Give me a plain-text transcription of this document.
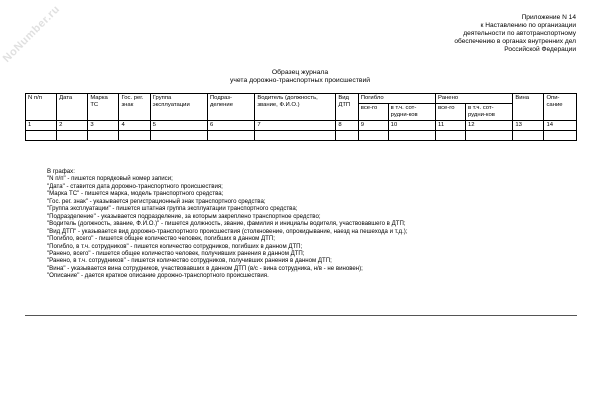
NoNumber.ru	Приложение N 14
к Наставлению по организации
деятельности по автотранспортному
обеспечению в органах внутренних дел
Российской Федерации
Образец журнала
учета дорожно-транспортных происшествий
N п/п	Дата	Марка ТС	Гос. рег. знак	Группа эксплуатации	Подраз-деление	Водитель (должность, звание, Ф.И.О.)	Вид ДТП	Погибло		Ранено		Вина	Опи-сание
								все-го	в т.ч. сот-рудни-ков	все-го	в т.ч. сот-рудни-ков		
1	2	3	4	5	6	7	8	9	10	11	12	13	14

В графах:
"N п/п" - пишется порядковый номер записи;
"Дата" - ставится дата дорожно-транспортного происшествия;
"Марка ТС" - пишется марка, модель транспортного средства;
"Гос. рег. знак" - указывается регистрационный знак транспортного средства;
"Группа эксплуатации" - пишется штатная группа эксплуатации транспортного средства;
"Подразделение" - указывается подразделение, за которым закреплено транспортное средство;
"Водитель (должность, звание, Ф.И.О.)" - пишется должность, звание, фамилия и инициалы водителя, участвовавшего в ДТП;
"Вид ДТП" - указывается вид дорожно-транспортного происшествия (столкновение, опрокидывание, наезд на пешехода и т.д.);
"Погибло, всего" - пишется общее количество человек, погибших в данном ДТП;
"Погибло, в т.ч. сотрудников" - пишется количество сотрудников, погибших в данном ДТП;
"Ранено, всего" - пишется общее количество человек, получивших ранения в данном ДТП;
"Ранено, в т.ч. сотрудников" - пишется количество сотрудников, получивших ранения в данном ДТП;
"Вина" - указывается вина сотрудников, участвовавших в данном ДТП (в/с - вина сотрудника, н/в - не виновен);
"Описание" - дается краткое описание дорожно-транспортного происшествия.
